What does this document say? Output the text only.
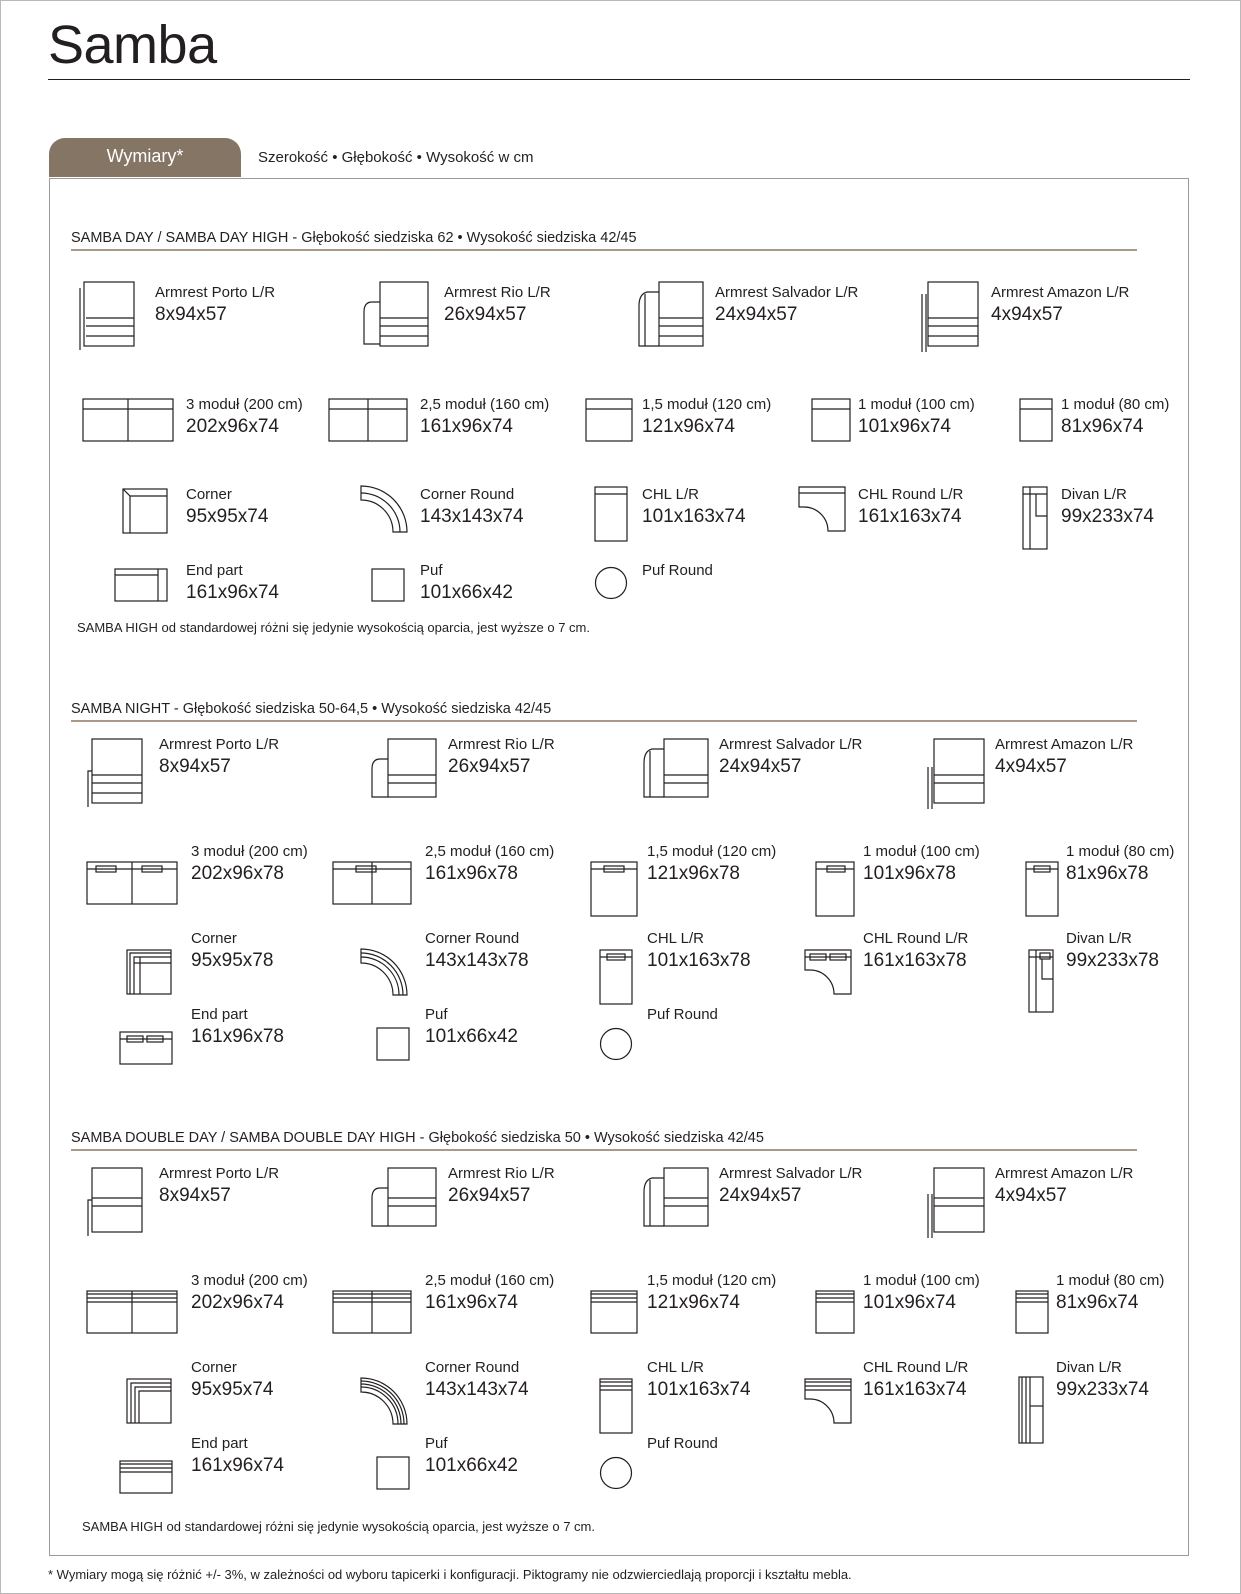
Samba
Wymiary*	Szerokość • Głębokość • Wysokość w cm
SAMBA DAY / SAMBA DAY HIGH - Głębokość siedziska 62 • Wysokość siedziska 42/45
Armrest Porto L/R
8x94x57
Armrest Rio L/R
26x94x57
Armrest Salvador L/R
24x94x57
Armrest Amazon L/R
4x94x57
3 moduł (200 cm)
202x96x74
2,5 moduł (160 cm)
161x96x74
1,5 moduł (120 cm)
121x96x74
1 moduł (100 cm)
101x96x74
1 moduł (80 cm)
81x96x74
Corner
95x95x74
Corner Round
143x143x74
CHL L/R
101x163x74
CHL Round L/R
161x163x74
Divan L/R
99x233x74
End part
161x96x74
Puf
101x66x42
Puf Round
SAMBA HIGH od standardowej różni się jedynie wysokością oparcia, jest wyższe o 7 cm.
SAMBA NIGHT - Głębokość siedziska 50-64,5 • Wysokość siedziska 42/45
Armrest Porto L/R
8x94x57
Armrest Rio L/R
26x94x57
Armrest Salvador L/R
24x94x57
Armrest Amazon L/R
4x94x57
3 moduł (200 cm)
202x96x78
2,5 moduł (160 cm)
161x96x78
1,5 moduł (120 cm)
121x96x78
1 moduł (100 cm)
101x96x78
1 moduł (80 cm)
81x96x78
Corner
95x95x78
Corner Round
143x143x78
CHL L/R
101x163x78
CHL Round L/R
161x163x78
Divan L/R
99x233x78
End part
161x96x78
Puf
101x66x42
Puf Round
SAMBA DOUBLE DAY / SAMBA DOUBLE DAY HIGH - Głębokość siedziska 50 • Wysokość siedziska 42/45
Armrest Porto L/R
8x94x57
Armrest Rio L/R
26x94x57
Armrest Salvador L/R
24x94x57
Armrest Amazon L/R
4x94x57
3 moduł (200 cm)
202x96x74
2,5 moduł (160 cm)
161x96x74
1,5 moduł (120 cm)
121x96x74
1 moduł (100 cm)
101x96x74
1 moduł (80 cm)
81x96x74
Corner
95x95x74
Corner Round
143x143x74
CHL L/R
101x163x74
CHL Round L/R
161x163x74
Divan L/R
99x233x74
End part
161x96x74
Puf
101x66x42
Puf Round
SAMBA HIGH od standardowej różni się jedynie wysokością oparcia, jest wyższe o 7 cm.
* Wymiary mogą się różnić +/- 3%, w zależności od wyboru tapicerki i konfiguracji. Piktogramy nie odzwierciedlają proporcji i kształtu mebla.
